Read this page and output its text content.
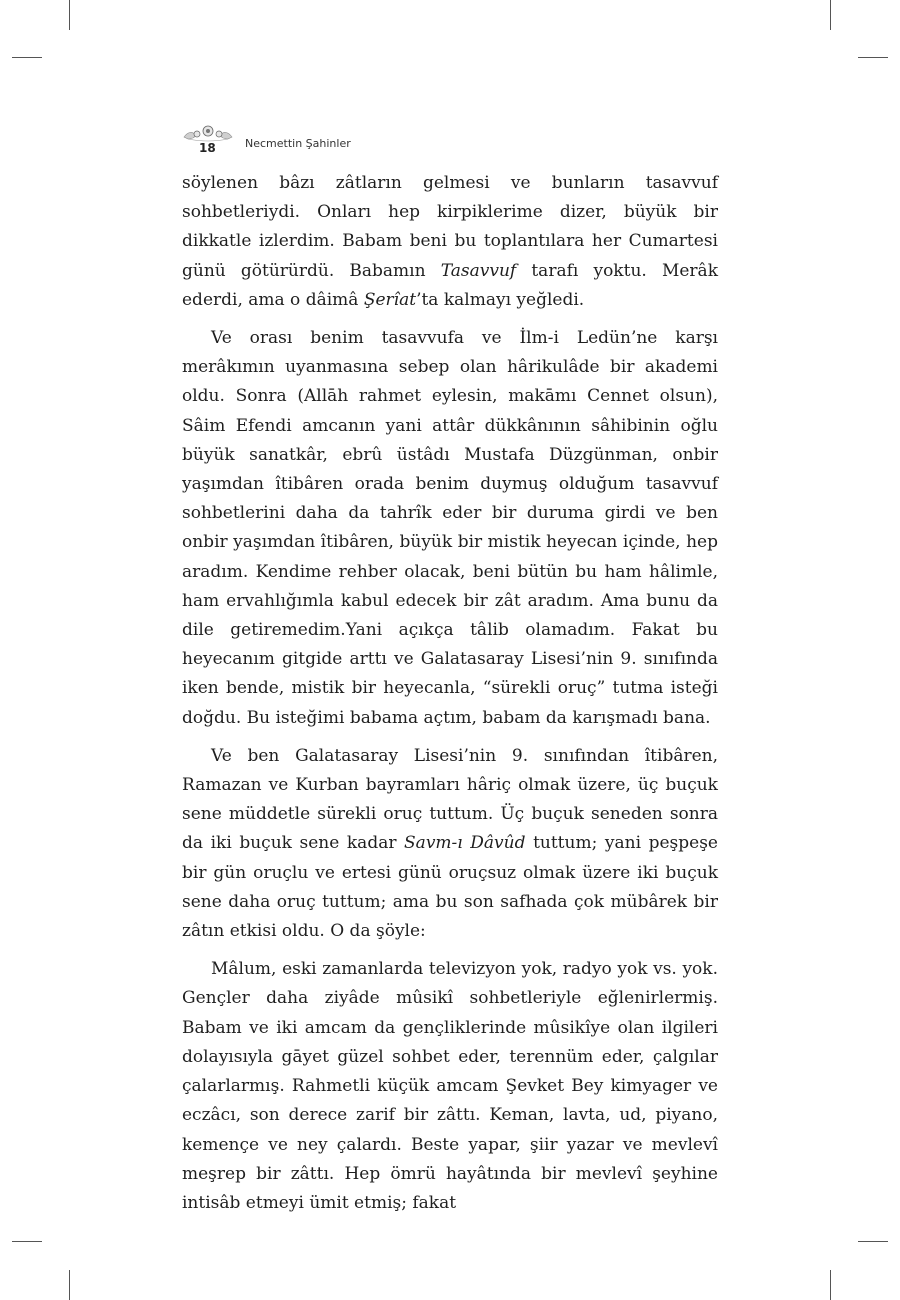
18	Necmettin Şahinler

söylenen bâzı zâtların gelmesi ve bunların tasavvuf sohbetleriydi. Onları hep kirpiklerime dizer, büyük bir dikkatle izlerdim. Babam beni bu toplantılara her Cumartesi günü götürürdü. Babamın Tasavvuf tarafı yoktu. Merâk ederdi, ama o dâimâ Şerîat’ta kalmayı yeğledi.

Ve orası benim tasavvufa ve İlm-i Ledün’ne karşı merâkımın uyanmasına sebep olan hârikulâde bir akademi oldu. Sonra (Allāh rahmet eylesin, makāmı Cennet olsun), Sâim Efendi amcanın yani attâr dükkânının sâhibinin oğlu büyük sanatkâr, ebrû üstâdı Mustafa Düzgünman, onbir yaşımdan îtibâren orada benim duymuş olduğum tasavvuf sohbetlerini daha da tahrîk eder bir duruma girdi ve ben onbir yaşımdan îtibâren, büyük bir mistik heyecan içinde, hep aradım. Kendime rehber olacak, beni bütün bu ham hâlimle, ham ervahlığımla kabul edecek bir zât aradım. Ama bunu da dile getiremedim.Yani açıkça tâlib olamadım. Fakat bu heyecanım gitgide arttı ve Galatasaray Lisesi’nin 9. sınıfında iken bende, mistik bir heyecanla, “sürekli oruç” tutma isteği doğdu. Bu isteğimi babama açtım, babam da karışmadı bana.

Ve ben Galatasaray Lisesi’nin 9. sınıfından îtibâren, Ramazan ve Kurban bayramları hâriç olmak üzere, üç buçuk sene müddetle sürekli oruç tuttum. Üç buçuk seneden sonra da iki buçuk sene kadar Savm-ı Dâvûd tuttum; yani peşpeşe bir gün oruçlu ve ertesi günü oruçsuz olmak üzere iki buçuk sene daha oruç tuttum; ama bu son safhada çok mübârek bir zâtın etkisi oldu. O da şöyle:

Mâlum, eski zamanlarda televizyon yok, radyo yok vs. yok. Gençler daha ziyâde mûsikî sohbetleriyle eğlenirlermiş. Babam ve iki amcam da gençliklerinde mûsikîye olan ilgileri dolayısıyla gāyet güzel sohbet eder, terennüm eder, çalgılar çalarlarmış. Rahmetli küçük amcam Şevket Bey kimyager ve eczâcı, son derece zarif bir zâttı. Keman, lavta, ud, piyano, kemençe ve ney çalardı. Beste yapar, şiir yazar ve mevlevî meşrep bir zâttı. Hep ömrü hayâtında bir mevlevî şeyhine intisâb etmeyi ümit etmiş; fakat
